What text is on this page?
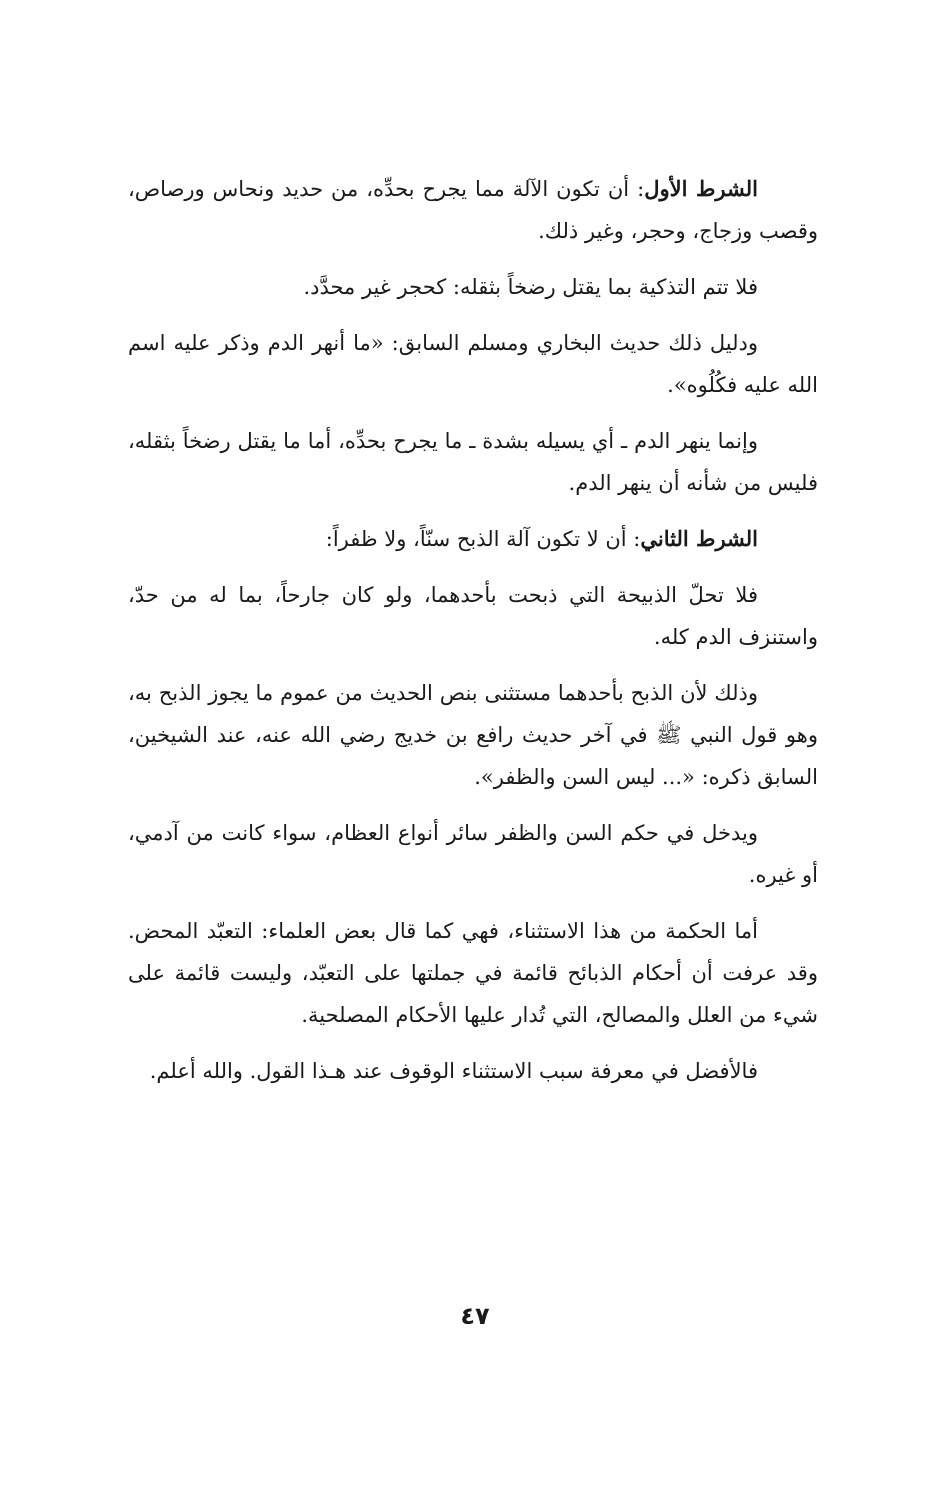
الشرط الأول: أن تكون الآلة مما يجرح بحدِّه، من حديد ونحاس ورصاص، وقصب وزجاج، وحجر، وغير ذلك.

فلا تتم التذكية بما يقتل رضخاً بثقله: كحجر غير محدَّد.

ودليل ذلك حديث البخاري ومسلم السابق: «ما أنهر الدم وذكر عليه اسم الله عليه فكُلُوه».

وإنما ينهر الدم ـ أي يسيله بشدة ـ ما يجرح بحدِّه، أما ما يقتل رضخاً بثقله، فليس من شأنه أن ينهر الدم.

الشرط الثاني: أن لا تكون آلة الذبح سنّاً، ولا ظفراً:

فلا تحلّ الذبيحة التي ذبحت بأحدهما، ولو كان جارحاً، بما له من حدّ، واستنزف الدم كله.

وذلك لأن الذبح بأحدهما مستثنى بنص الحديث من عموم ما يجوز الذبح به، وهو قول النبي ﷺ في آخر حديث رافع بن خديج رضي الله عنه، عند الشيخين، السابق ذكره: «... ليس السن والظفر».

ويدخل في حكم السن والظفر سائر أنواع العظام، سواء كانت من آدمي، أو غيره.

أما الحكمة من هذا الاستثناء، فهي كما قال بعض العلماء: التعبّد المحض. وقد عرفت أن أحكام الذبائح قائمة في جملتها على التعبّد، وليست قائمة على شيء من العلل والمصالح، التي تُدار عليها الأحكام المصلحية.

فالأفضل في معرفة سبب الاستثناء الوقوف عند هـذا القول. والله أعلم.

٤٧
